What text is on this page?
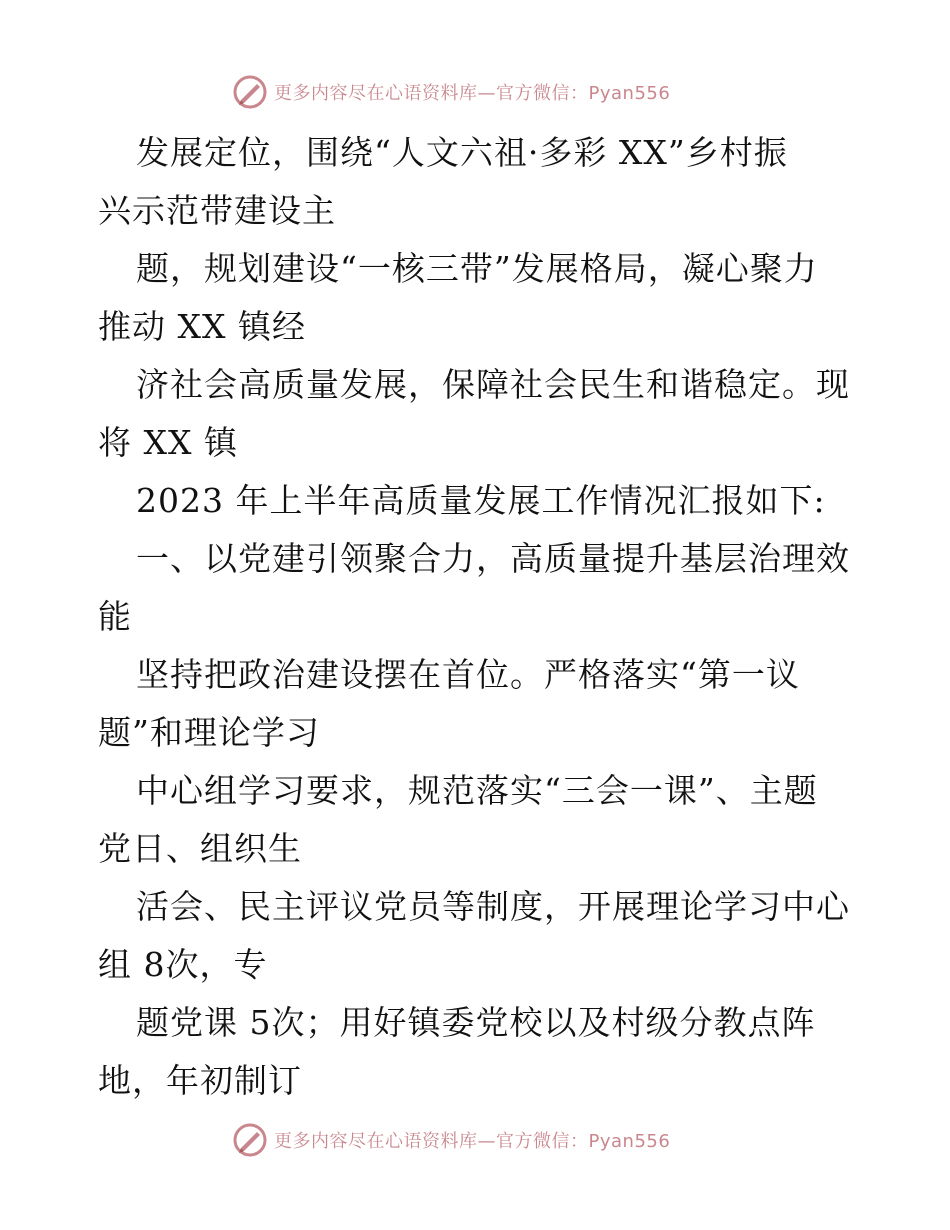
更多内容尽在心语资料库—官方微信：Pyan556
发展定位，围绕“人文六祖·多彩 XX”乡村振
兴示范带建设主
题，规划建设“一核三带”发展格局，凝心聚力
推动 XX 镇经
济社会高质量发展，保障社会民生和谐稳定。现
将 XX 镇
2023 年上半年高质量发展工作情况汇报如下:
一、以党建引领聚合力，高质量提升基层治理效
能
坚持把政治建设摆在首位。严格落实“第一议
题”和理论学习
中心组学习要求，规范落实“三会一课”、主题
党日、组织生
活会、民主评议党员等制度，开展理论学习中心
组 8次，专
题党课 5次；用好镇委党校以及村级分教点阵
地，年初制订
更多内容尽在心语资料库—官方微信：Pyan556
